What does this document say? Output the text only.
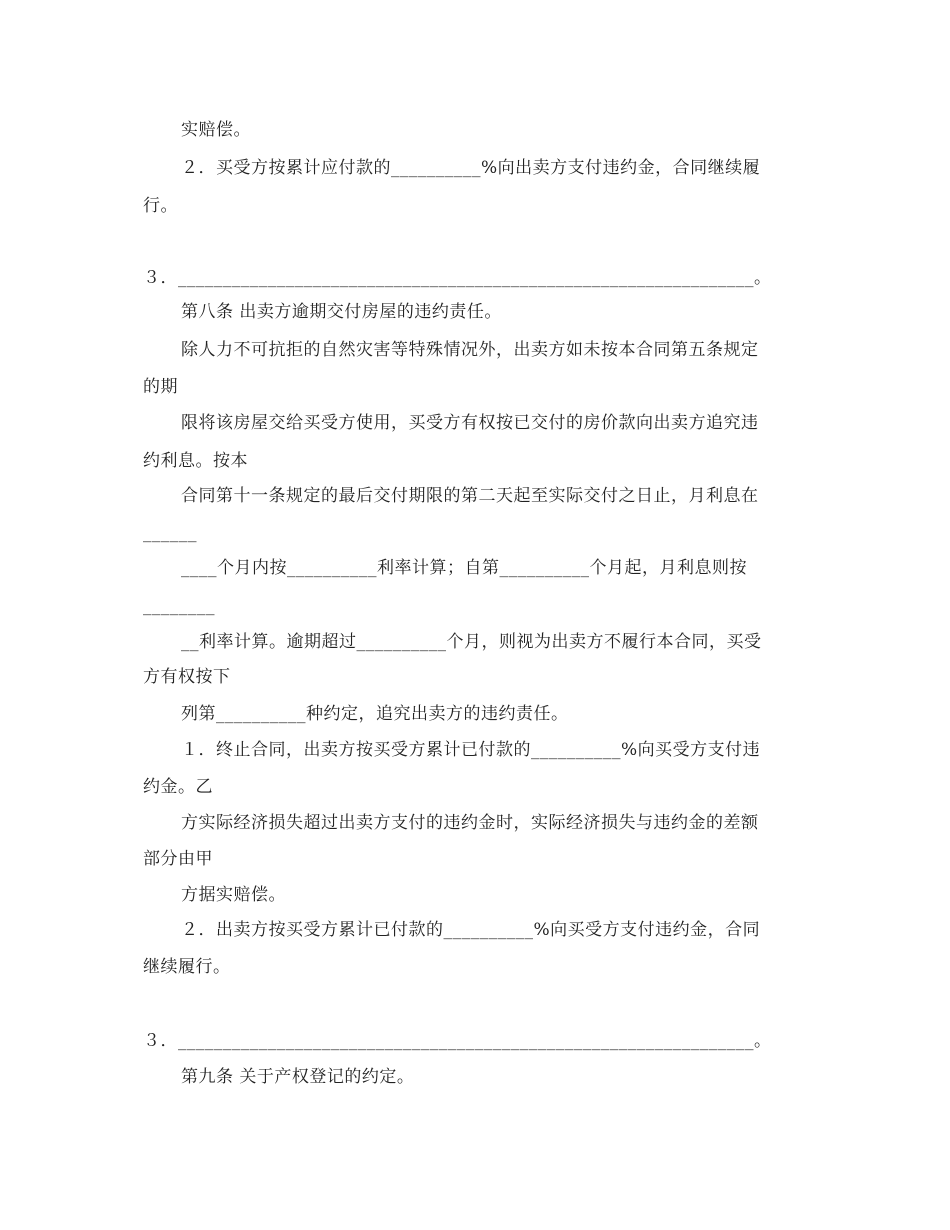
实赔偿。
２．买受方按累计应付款的__________%向出卖方支付违约金，合同继续履
行。
３．________________________________________________________________。
第八条 出卖方逾期交付房屋的违约责任。
除人力不可抗拒的自然灾害等特殊情况外，出卖方如未按本合同第五条规定
的期
限将该房屋交给买受方使用，买受方有权按已交付的房价款向出卖方追究违
约利息。按本
合同第十一条规定的最后交付期限的第二天起至实际交付之日止，月利息在
______
____个月内按__________利率计算；自第__________个月起，月利息则按
________
__利率计算。逾期超过__________个月，则视为出卖方不履行本合同，买受
方有权按下
列第__________种约定，追究出卖方的违约责任。
１．终止合同，出卖方按买受方累计已付款的__________%向买受方支付违
约金。乙
方实际经济损失超过出卖方支付的违约金时，实际经济损失与违约金的差额
部分由甲
方据实赔偿。
２．出卖方按买受方累计已付款的__________%向买受方支付违约金，合同
继续履行。
３．________________________________________________________________。
第九条 关于产权登记的约定。
